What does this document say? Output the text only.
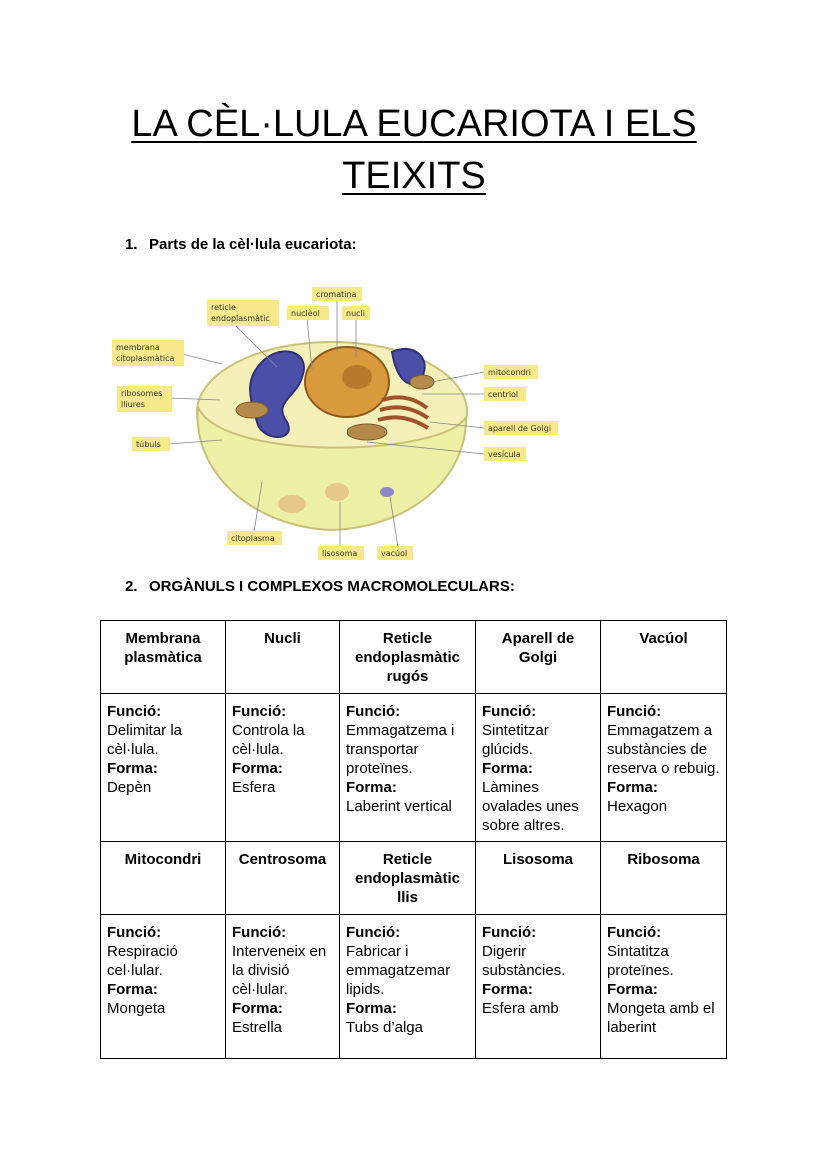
LA CÈL·LULA EUCARIOTA I ELS
TEIXITS

1. Parts de la cèl·lula eucariota:

reticle
endoplasmàtic
nuclèol
cromatina
nucli
membrana
citoplasmàtica
ribosomes
lliures
túbuls
mitocondri
centriol
aparell de Golgi
vesícula
citoplasma
lisosoma	vacúol

2. ORGÀNULS I COMPLEXOS MACROMOLECULARS:

Membrana plasmàtica	Nucli	Reticle endoplasmàtic rugós	Aparell de Golgi	Vacúol

Funció:
Delimitar la cèl·lula.
Forma:
Depèn	Funció:
Controla la cèl·lula.
Forma:
Esfera	Funció:
Emmagatzema i transportar proteïnes.
Forma:
Laberint vertical	Funció:
Sintetitzar glúcids.
Forma:
Làmines ovalades unes sobre altres.	Funció:
Emmagatzem a substàncies de reserva o rebuig.
Forma:
Hexagon

Mitocondri	Centrosoma	Reticle endoplasmàtic llis	Lisosoma	Ribosoma

Funció:
Respiració cel·lular.
Forma:
Mongeta	Funció:
Interveneix en la divisió cèl·lular.
Forma:
Estrella	Funció:
Fabricar i emmagatzemar lipids.
Forma:
Tubs d’alga	Funció:
Digerir substàncies.
Forma:
Esfera amb	Funció:
Sintatitza proteïnes.
Forma:
Mongeta amb el laberint
